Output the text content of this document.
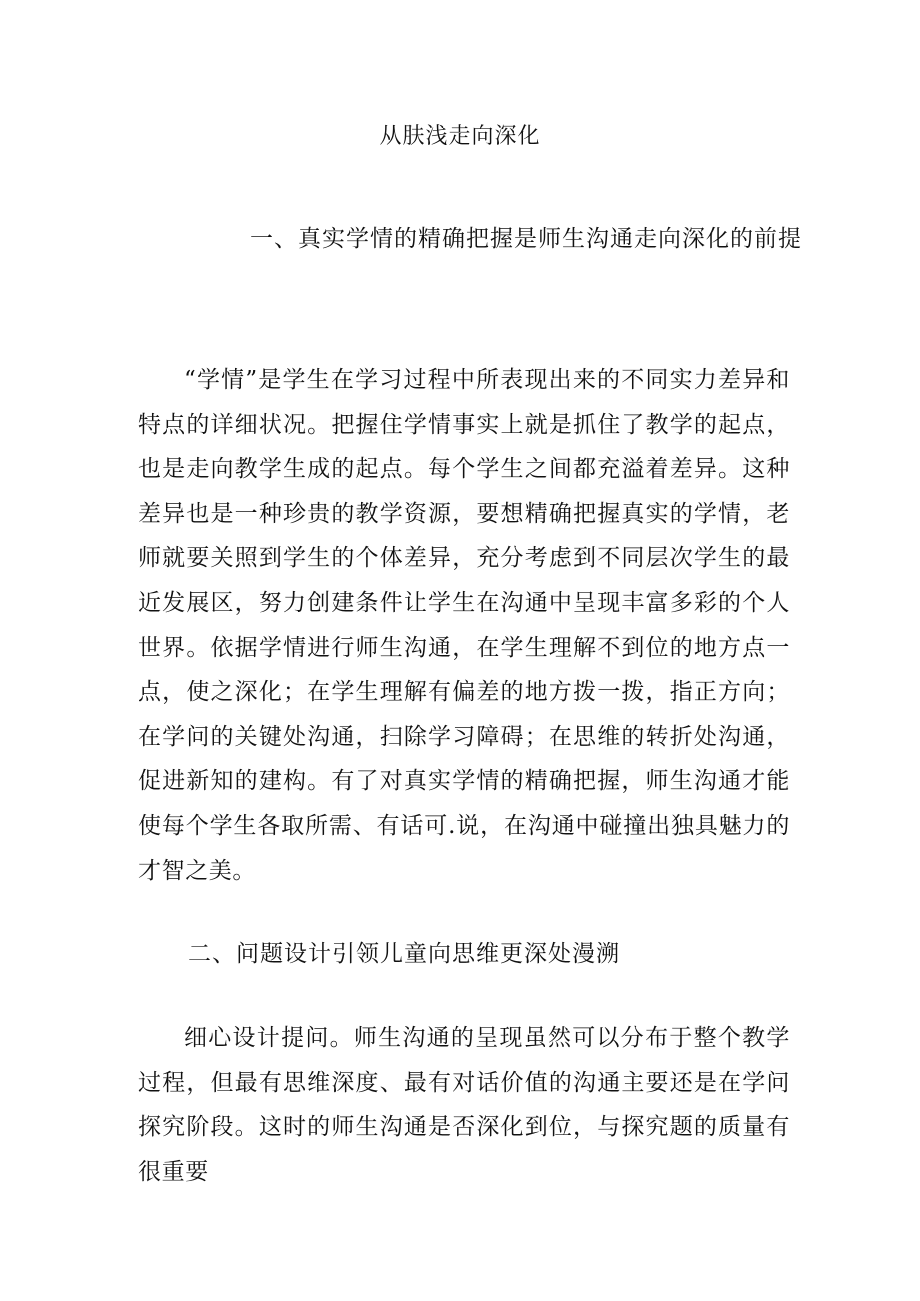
从肤浅走向深化
一、真实学情的精确把握是师生沟通走向深化的前提

“学情”是学生在学习过程中所表现出来的不同实力差异和特点的详细状况。把握住学情事实上就是抓住了教学的起点，也是走向教学生成的起点。每个学生之间都充溢着差异。这种差异也是一种珍贵的教学资源，要想精确把握真实的学情，老师就要关照到学生的个体差异，充分考虑到不同层次学生的最近发展区，努力创建条件让学生在沟通中呈现丰富多彩的个人世界。依据学情进行师生沟通，在学生理解不到位的地方点一点，使之深化；在学生理解有偏差的地方拨一拨，指正方向；在学问的关键处沟通，扫除学习障碍；在思维的转折处沟通，促进新知的建构。有了对真实学情的精确把握，师生沟通才能使每个学生各取所需、有话可.说，在沟通中碰撞出独具魅力的才智之美。

二、问题设计引领儿童向思维更深处漫溯

细心设计提问。师生沟通的呈现虽然可以分布于整个教学过程，但最有思维深度、最有对话价值的沟通主要还是在学问探究阶段。这时的师生沟通是否深化到位，与探究题的质量有很重要
